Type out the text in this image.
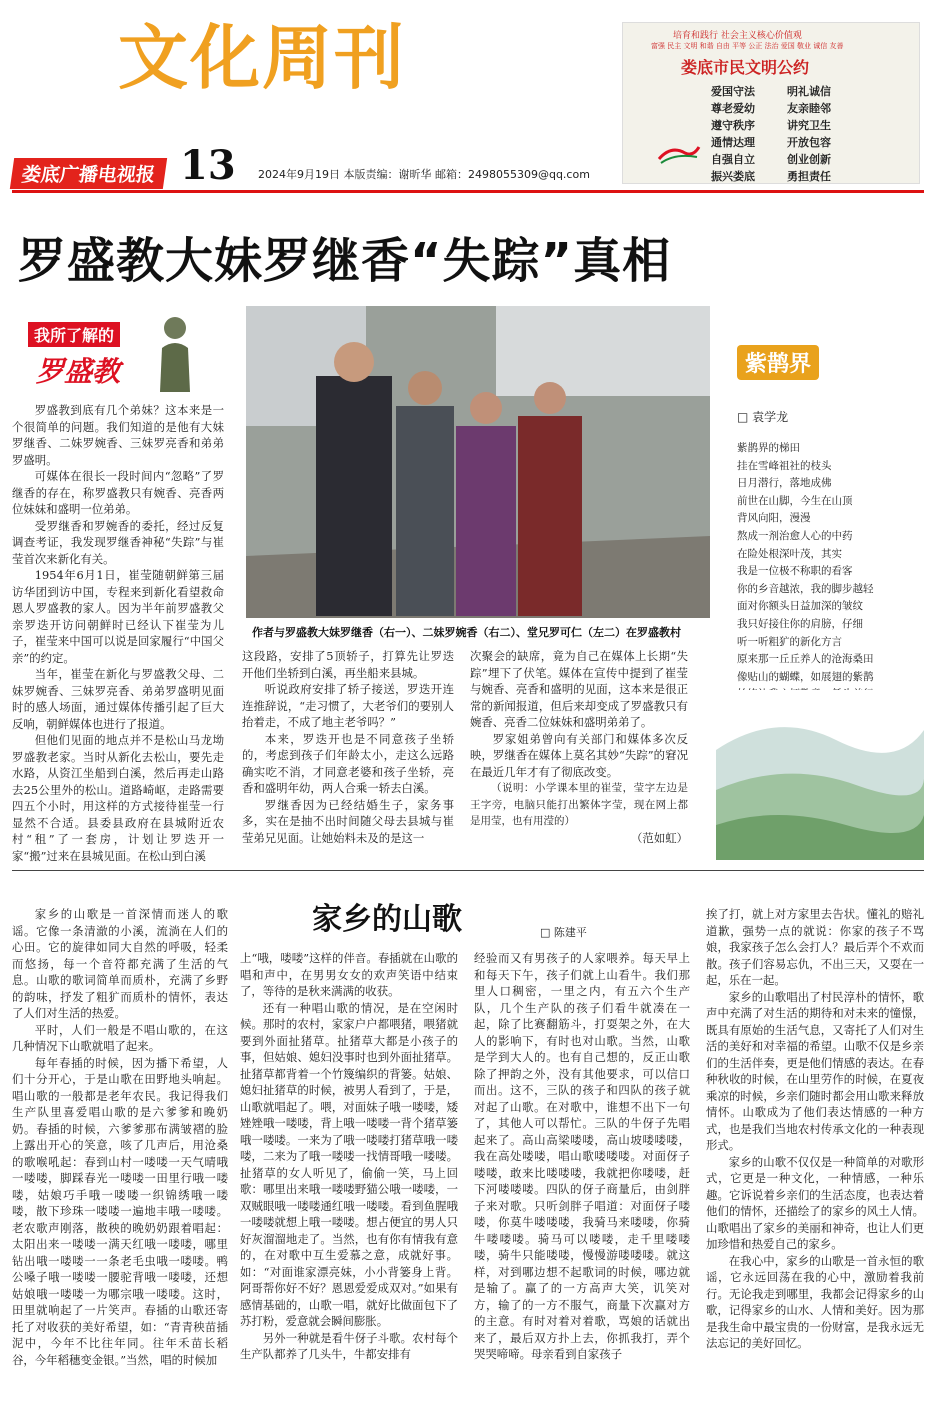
文化周刊
娄底广播电视报 13 2024年9月19日 本版责编：谢昕华 邮箱：2498055309@qq.com
培育和践行 社会主义核心价值观
富强 民主 文明 和谐 自由 平等 公正 法治 爱国 敬业 诚信 友善
娄底市民文明公约
爱国守法	明礼诚信
尊老爱幼	友亲睦邻
遵守秩序	讲究卫生
通情达理	开放包容
自强自立	创业创新
振兴娄底	勇担责任
罗盛教大妹罗继香“失踪”真相
我所了解的
罗盛教

罗盛教到底有几个弟妹？这本来是一个很简单的问题。我们知道的是他有大妹罗继香、二妹罗婉香、三妹罗亮香和弟弟罗盛明。

可媒体在很长一段时间内“忽略”了罗继香的存在，称罗盛教只有婉香、亮香两位妹妹和盛明一位弟弟。

受罗继香和罗婉香的委托，经过反复调查考证，我发现罗继香神秘“失踪”与崔莹首次来新化有关。

1954年6月1日，崔莹随朝鲜第三届访华团到访中国，专程来到新化看望救命恩人罗盛教的家人。因为半年前罗盛教父亲罗迭开访问朝鲜时已经认下崔莹为儿子，崔莹来中国可以说是回家履行“中国父亲”的约定。

当年，崔莹在新化与罗盛教父母、二妹罗婉香、三妹罗亮香、弟弟罗盛明见面时的感人场面，通过媒体传播引起了巨大反响，朝鲜媒体也进行了报道。

但他们见面的地点并不是松山马龙坳罗盛教老家。当时从新化去松山，要先走水路，从资江坐船到白溪，然后再走山路去25公里外的松山。道路崎岖，走路需要四五个小时，用这样的方式接待崔莹一行显然不合适。县委县政府在县城附近农村“租”了一套房，计划让罗迭开一家“搬”过来在县城见面。在松山到白溪

作者与罗盛教大妹罗继香（右一）、二妹罗婉香（右二）、堂兄罗可仁（左二）在罗盛教村

这段路，安排了5顶轿子，打算先让罗迭开他们坐轿到白溪，再坐船来县城。

听说政府安排了轿子接送，罗迭开连连推辞说，“走习惯了，大老爷们的要别人抬着走，不成了地主老爷吗？”

本来，罗迭开也是不同意孩子坐轿的，考虑到孩子们年龄太小，走这么远路确实吃不消，才同意老婆和孩子坐轿，亮香和盛明年幼，两人合乘一轿去白溪。

罗继香因为已经结婚生子，家务事多，实在是抽不出时间随父母去县城与崔莹弟兄见面。让她始料未及的是这一

次聚会的缺席，竟为自己在媒体上长期“失踪”埋下了伏笔。媒体在宣传中提到了崔莹与婉香、亮香和盛明的见面，这本来是很正常的新闻报道，但后来却变成了罗盛教只有婉香、亮香二位妹妹和盛明弟弟了。

罗家姐弟曾向有关部门和媒体多次反映，罗继香在媒体上莫名其妙“失踪”的窘况在最近几年才有了彻底改变。

（说明：小学课本里的崔莹，莹字左边是王字旁，电脑只能打出繁体字莹，现在网上都是用莹，也有用滢的）

（范如虹）

紫鹊界
□ 袁学龙
紫鹊界的梯田
挂在雪峰祖社的枝头
日月潜行，落地成佛
前世在山脚，今生在山顶
背风向阳，漫漫
熬成一剂治愈人心的中药
在险处根深叶茂，其实
我是一位极不称职的看客
你的乡音越浓，我的脚步越轻
面对你额头日益加深的皱纹
我只好接住你的肩膀，仔细
听一听粗犷的新化方言
原来那一丘丘养人的沧海桑田
像贴山的蝴蝶，如展翅的紫鹊
家乡的山歌	□ 陈建平

家乡的山歌是一首深情而迷人的歌谣。它像一条清澈的小溪，流淌在人们的心田。它的旋律如同大自然的呼吸，轻柔而悠扬，每一个音符都充满了生活的气息。山歌的歌词简单而质朴，充满了乡野的韵味，抒发了粗犷而质朴的情怀，表达了人们对生活的热爱。

平时，人们一般是不唱山歌的，在这几种情况下山歌就唱了起来。

每年春插的时候，因为播下希望，人们十分开心，于是山歌在田野地头响起。唱山歌的一般都是老年农民。我记得我们生产队里喜爱唱山歌的是六爹爹和晚奶奶。春插的时候，六爹爹那布满皱褶的脸上露出开心的笑意，咳了几声后，用沧桑的歌喉吼起：春到山村一喽喽一天气晴哦一喽喽，脚踩春光一喽喽一田里行哦一喽喽，姑娘巧手哦一喽喽一织锦绣哦一喽喽，散下珍珠一喽喽一遍地丰哦一喽喽。老农歌声刚落，散秧的晚奶奶跟着唱起：太阳出来一喽喽一满天红哦一喽喽，哪里钻出哦一喽喽一一条老毛虫哦一喽喽。鸭公嗓子哦一喽喽一腰驼背哦一喽喽，还想姑娘哦一喽喽一为哪宗哦一喽喽。这时，田里就响起了一片笑声。春插的山歌还寄托了对收获的美好希望，如：“青青秧苗插泥中，今年不比往年同。往年禾苗长稻谷，今年稻穗变金银。”当然，唱的时候加

上“哦，喽喽”这样的伴音。春插就在山歌的唱和声中，在男男女女的欢声笑语中结束了，等待的是秋来满满的收获。

还有一种唱山歌的情况，是在空闲时候。那时的农村，家家户户都喂猪，喂猪就要到外面扯猪草。扯猪草大都是小孩子的事，但姑娘、媳妇没事时也到外面扯猪草。扯猪草都背着一个竹篾编织的背篓。姑娘、媳妇扯猪草的时候，被男人看到了，于是，山歌就唱起了。喂，对面妹子哦一喽喽，矮矬矬哦一喽喽，背上哦一喽喽一背个猪草篓哦一喽喽。一来为了哦一喽喽打猪草哦一喽喽，二来为了哦一喽喽一找情哥哦一喽喽。扯猪草的女人听见了，偷偷一笑，马上回歌：哪里出来哦一喽喽野猫公哦一喽喽，一双贼眼哦一喽喽通红哦一喽喽。看到鱼腥哦一喽喽就想上哦一喽喽。想占便宜的男人只好灰溜溜地走了。当然，也有你有情我有意的，在对歌中互生爱慕之意，成就好事。如：“对面谁家漂亮妹，小小背篓身上背。阿哥帮你好不好？恩恩爱爱成双对。”如果有感情基础的，山歌一唱，就好比做面包下了苏打粉，爱意就会瞬间膨胀。

另外一种就是看牛伢子斗歌。农村每个生产队都养了几头牛，牛都安排有

经验而又有男孩子的人家喂养。每天早上和每天下午，孩子们就上山看牛。我们那里人口稠密，一里之内，有五六个生产队，几个生产队的孩子们看牛就凑在一起，除了比赛翻筋斗，打耍架之外，在大人的影响下，有时也对山歌。当然，山歌是学到大人的。也有自己想的，反正山歌除了押韵之外，没有其他要求，可以信口而出。这不，三队的孩子和四队的孩子就对起了山歌。在对歌中，谁想不出下一句了，其他人可以帮忙。三队的牛伢子先唱起来了。高山高梁喽喽，高山坡喽喽喽，我在高处喽喽，唱山歌喽喽喽。对面伢子喽喽，敢来比喽喽喽，我就把你喽喽，赶下河喽喽喽。四队的伢子商量后，由剑胖子来对歌。只听剑胖子唱道：对面伢子喽喽，你莫牛喽喽喽，我骑马来喽喽，你骑牛喽喽喽。骑马可以喽喽，走千里喽喽喽，骑牛只能喽喽，慢慢游喽喽喽。就这样，对到哪边想不起歌词的时候，哪边就是输了。赢了的一方高声大笑，讥笑对方，输了的一方不服气，商量下次赢对方的主意。有时对着对着歌，骂娘的话就出来了，最后双方扑上去，你抓我打，弄个哭哭啼啼。母亲看到自家孩子

挨了打，就上对方家里去告状。懂礼的赔礼道歉，强势一点的就说：你家的孩子不骂娘，我家孩子怎么会打人？最后弄个不欢而散。孩子们容易忘仇，不出三天，又耍在一起，乐在一起。

家乡的山歌唱出了村民淳朴的情怀，歌声中充满了对生活的期待和对未来的憧憬，既具有原始的生活气息，又寄托了人们对生活的美好和对幸福的希望。山歌不仅是乡亲们的生活伴奏，更是他们情感的表达。在春种秋收的时候，在山里劳作的时候，在夏夜乘凉的时候，乡亲们随时都会用山歌来释放情怀。山歌成为了他们表达情感的一种方式，也是我们当地农村传承文化的一种表现形式。

家乡的山歌不仅仅是一种简单的对歌形式，它更是一种文化，一种情感，一种乐趣。它诉说着乡亲们的生活态度，也表达着他们的情怀，还描绘了的家乡的风土人情。山歌唱出了家乡的美丽和神奇，也让人们更加珍惜和热爱自己的家乡。

在我心中，家乡的山歌是一首永恒的歌谣，它永远回荡在我的心中，激励着我前行。无论我走到哪里，我都会记得家乡的山歌，记得家乡的山水、人情和美好。因为那是我生命中最宝贵的一份财富，是我永远无法忘记的美好回忆。
